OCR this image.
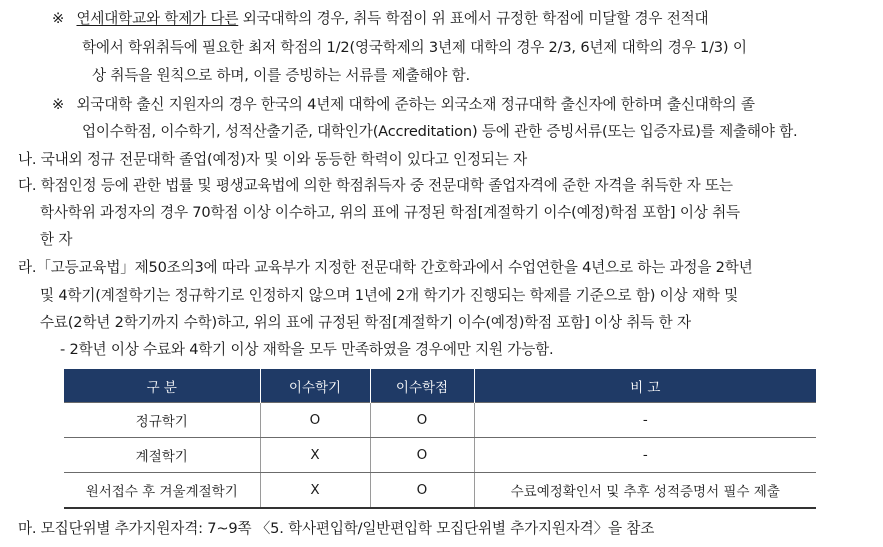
※ 연세대학교와 학제가 다른 외국대학의 경우, 취득 학점이 위 표에서 규정한 학점에 미달할 경우 전적대
학에서 학위취득에 필요한 최저 학점의 1/2(영국학제의 3년제 대학의 경우 2/3, 6년제 대학의 경우 1/3) 이
상 취득을 원칙으로 하며, 이를 증빙하는 서류를 제출해야 함.
※ 외국대학 출신 지원자의 경우 한국의 4년제 대학에 준하는 외국소재 정규대학 출신자에 한하며 출신대학의 졸
업이수학점, 이수학기, 성적산출기준, 대학인가(Accreditation) 등에 관한 증빙서류(또는 입증자료)를 제출해야 함.
나. 국내외 정규 전문대학 졸업(예정)자 및 이와 동등한 학력이 있다고 인정되는 자
다. 학점인정 등에 관한 법률 및 평생교육법에 의한 학점취득자 중 전문대학 졸업자격에 준한 자격을 취득한 자 또는
학사학위 과정자의 경우 70학점 이상 이수하고, 위의 표에 규정된 학점[계절학기 이수(예정)학점 포함] 이상 취득
한 자
라.「고등교육법」제50조의3에 따라 교육부가 지정한 전문대학 간호학과에서 수업연한을 4년으로 하는 과정을 2학년
및 4학기(계절학기는 정규학기로 인정하지 않으며 1년에 2개 학기가 진행되는 학제를 기준으로 함) 이상 재학 및
수료(2학년 2학기까지 수학)하고, 위의 표에 규정된 학점[계절학기 이수(예정)학점 포함] 이상 취득 한 자
- 2학년 이상 수료와 4학기 이상 재학을 모두 만족하였을 경우에만 지원 가능함.
구 분	이수학기	이수학점	비 고
정규학기	O	O	-
계절학기	X	O	-
원서접수 후 겨울계절학기	X	O	수료예정확인서 및 추후 성적증명서 필수 제출
마. 모집단위별 추가지원자격: 7~9쪽 〈5. 학사편입학/일반편입학 모집단위별 추가지원자격〉을 참조
